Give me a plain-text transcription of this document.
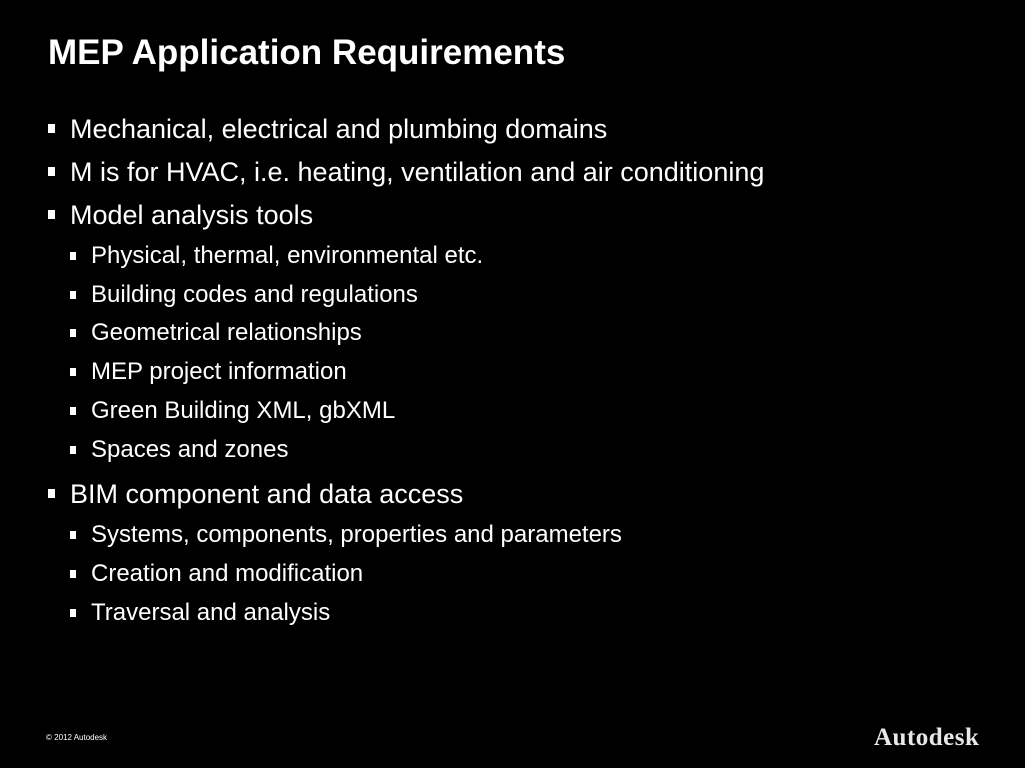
MEP Application Requirements
Mechanical, electrical and plumbing domains
M is for HVAC, i.e. heating, ventilation and air conditioning
Model analysis tools
Physical, thermal, environmental etc.
Building codes and regulations
Geometrical relationships
MEP project information
Green Building XML, gbXML
Spaces and zones
BIM component and data access
Systems, components, properties and parameters
Creation and modification
Traversal and analysis
© 2012 Autodesk	Autodesk
